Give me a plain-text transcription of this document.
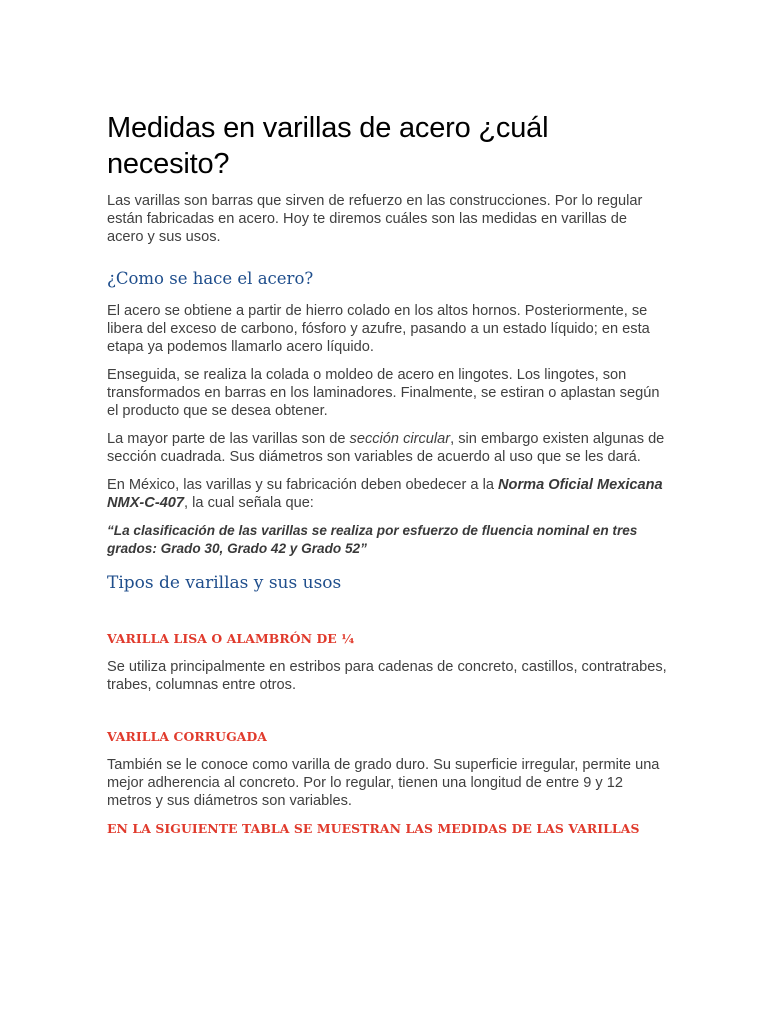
Medidas en varillas de acero ¿cuál necesito?

Las varillas son barras que sirven de refuerzo en las construcciones. Por lo regular están fabricadas en acero. Hoy te diremos cuáles son las medidas en varillas de acero y sus usos.

¿Como se hace el acero?

El acero se obtiene a partir de hierro colado en los altos hornos. Posteriormente, se libera del exceso de carbono, fósforo y azufre, pasando a un estado líquido; en esta etapa ya podemos llamarlo acero líquido.

Enseguida, se realiza la colada o moldeo de acero en lingotes. Los lingotes, son transformados en barras en los laminadores. Finalmente, se estiran o aplastan según el producto que se desea obtener.

La mayor parte de las varillas son de sección circular, sin embargo existen algunas de sección cuadrada. Sus diámetros son variables de acuerdo al uso que se les dará.

En México, las varillas y su fabricación deben obedecer a la Norma Oficial Mexicana NMX-C-407, la cual señala que:

“La clasificación de las varillas se realiza por esfuerzo de fluencia nominal en tres grados: Grado 30, Grado 42 y Grado 52”

Tipos de varillas y sus usos
VARILLA LISA O ALAMBRÓN DE ¼

Se utiliza principalmente en estribos para cadenas de concreto, castillos, contratrabes, trabes, columnas entre otros.

VARILLA CORRUGADA

También se le conoce como varilla de grado duro. Su superficie irregular, permite una mejor adherencia al concreto. Por lo regular, tienen una longitud de entre 9 y 12 metros y sus diámetros son variables.

EN LA SIGUIENTE TABLA SE MUESTRAN LAS MEDIDAS DE LAS VARILLAS
